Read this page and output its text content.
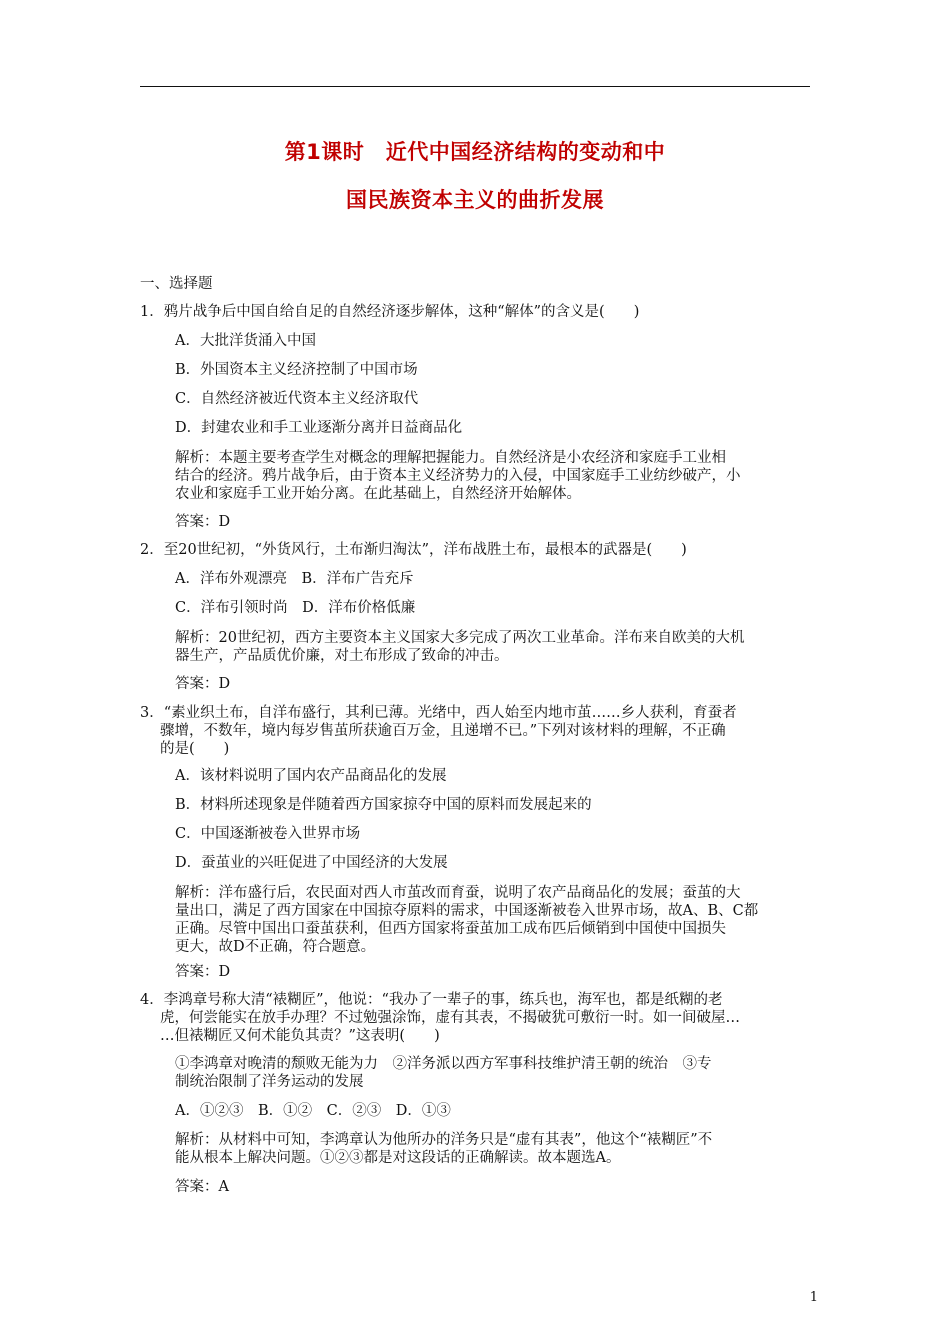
第1课时　近代中国经济结构的变动和中
国民族资本主义的曲折发展
一、选择题
1．鸦片战争后中国自给自足的自然经济逐步解体，这种“解体”的含义是(　　)
A．大批洋货涌入中国
B．外国资本主义经济控制了中国市场
C．自然经济被近代资本主义经济取代
D．封建农业和手工业逐渐分离并日益商品化
解析：本题主要考查学生对概念的理解把握能力。自然经济是小农经济和家庭手工业相
结合的经济。鸦片战争后，由于资本主义经济势力的入侵，中国家庭手工业纺纱破产，小
农业和家庭手工业开始分离。在此基础上，自然经济开始解体。
答案：D
2．至20世纪初，“外货风行，土布渐归淘汰”，洋布战胜土布，最根本的武器是(　　)
A．洋布外观漂亮　B．洋布广告充斥
C．洋布引领时尚　D．洋布价格低廉
解析：20世纪初，西方主要资本主义国家大多完成了两次工业革命。洋布来自欧美的大机
器生产，产品质优价廉，对土布形成了致命的冲击。
答案：D
3．“素业织土布，自洋布盛行，其利已薄。光绪中，西人始至内地市茧……乡人获利，育蚕者
骤增，不数年，境内每岁售茧所获逾百万金，且递增不已。”下列对该材料的理解，不正确
的是(　　)
A．该材料说明了国内农产品商品化的发展
B．材料所述现象是伴随着西方国家掠夺中国的原料而发展起来的
C．中国逐渐被卷入世界市场
D．蚕茧业的兴旺促进了中国经济的大发展
解析：洋布盛行后，农民面对西人市茧改而育蚕，说明了农产品商品化的发展；蚕茧的大
量出口，满足了西方国家在中国掠夺原料的需求，中国逐渐被卷入世界市场，故A、B、C都
正确。尽管中国出口蚕茧获利，但西方国家将蚕茧加工成布匹后倾销到中国使中国损失
更大，故D不正确，符合题意。
答案：D
4．李鸿章号称大清“裱糊匠”，他说：“我办了一辈子的事，练兵也，海军也，都是纸糊的老
虎，何尝能实在放手办理？不过勉强涂饰，虚有其表，不揭破犹可敷衍一时。如一间破屋…
…但裱糊匠又何术能负其责？”这表明(　　)
①李鸿章对晚清的颓败无能为力　②洋务派以西方军事科技维护清王朝的统治　③专
制统治限制了洋务运动的发展
A．①②③　B．①②　C．②③　D．①③
解析：从材料中可知，李鸿章认为他所办的洋务只是“虚有其表”，他这个“裱糊匠”不
能从根本上解决问题。①②③都是对这段话的正确解读。故本题选A。
答案：A
1
